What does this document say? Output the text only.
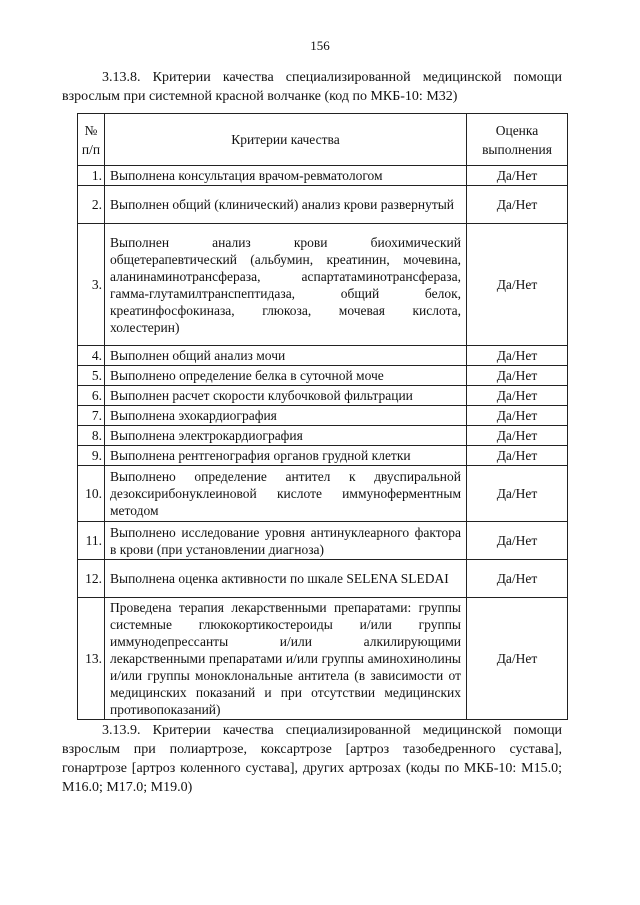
156
3.13.8. Критерии качества специализированной медицинской помощи взрослым при системной красной волчанке (код по МКБ-10: М32)
№ п/п	Критерии качества	Оценка выполнения
1.	Выполнена консультация врачом-ревматологом	Да/Нет
2.	Выполнен общий (клинический) анализ крови развернутый	Да/Нет
3.	Выполнен анализ крови биохимический общетерапевтический (альбумин, креатинин, мочевина, аланинаминотрансфераза, аспартатаминотрансфераза, гамма-глутамилтранспептидаза, общий белок, креатинфосфокиназа, глюкоза, мочевая кислота, холестерин)	Да/Нет
4.	Выполнен общий анализ мочи	Да/Нет
5.	Выполнено определение белка в суточной моче	Да/Нет
6.	Выполнен расчет скорости клубочковой фильтрации	Да/Нет
7.	Выполнена эхокардиография	Да/Нет
8.	Выполнена электрокардиография	Да/Нет
9.	Выполнена рентгенография органов грудной клетки	Да/Нет
10.	Выполнено определение антител к двуспиральной дезоксирибонуклеиновой кислоте иммуноферментным методом	Да/Нет
11.	Выполнено исследование уровня антинуклеарного фактора в крови (при установлении диагноза)	Да/Нет
12.	Выполнена оценка активности по шкале SELENA SLEDAI	Да/Нет
13.	Проведена терапия лекарственными препаратами: группы системные глюкокортикостероиды и/или группы иммунодепрессанты и/или алкилирующими лекарственными препаратами и/или группы аминохинолины и/или группы моноклональные антитела (в зависимости от медицинских показаний и при отсутствии медицинских противопоказаний)	Да/Нет
3.13.9. Критерии качества специализированной медицинской помощи взрослым при полиартрозе, коксартрозе [артроз тазобедренного сустава], гонартрозе [артроз коленного сустава], других артрозах (коды по МКБ-10: М15.0; М16.0; М17.0; М19.0)
